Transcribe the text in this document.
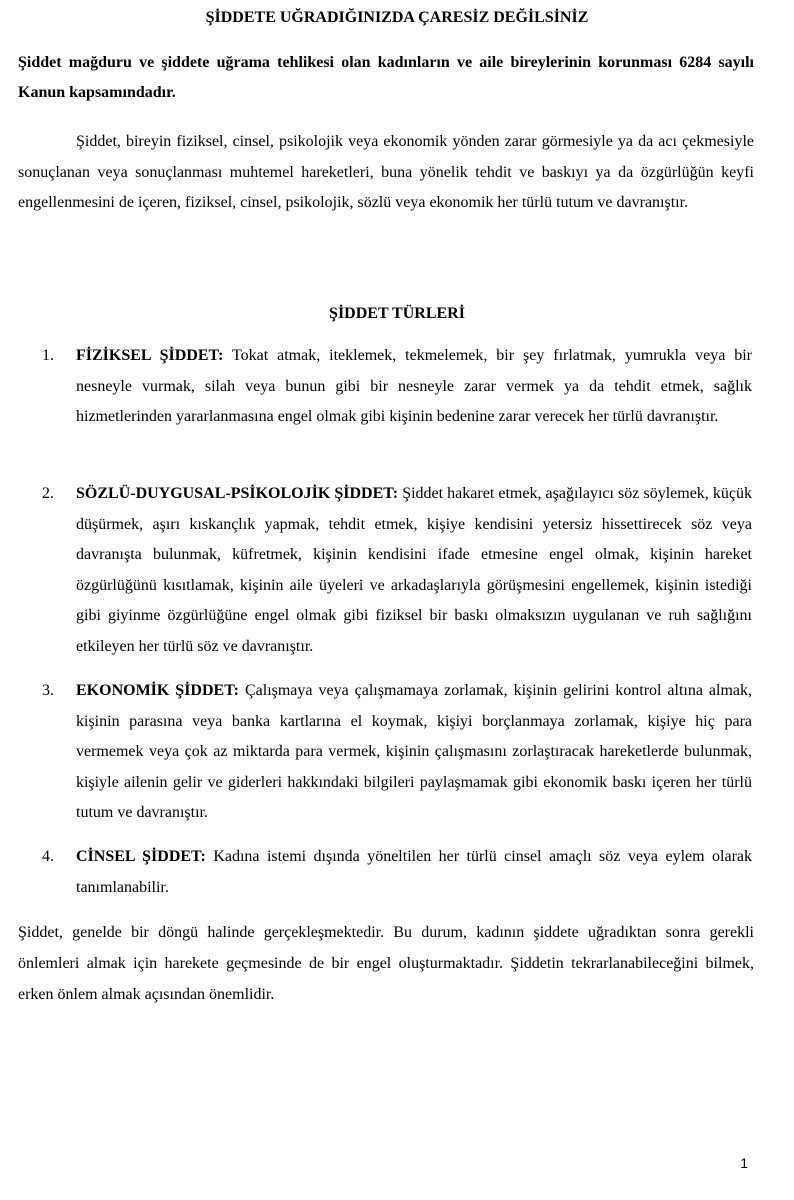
ŞİDDETE UĞRADIĞINIZDA ÇARESİZ DEĞİLSİNİZ
Şiddet mağduru ve şiddete uğrama tehlikesi olan kadınların ve aile bireylerinin korunması 6284 sayılı Kanun kapsamındadır.
Şiddet, bireyin fiziksel, cinsel, psikolojik veya ekonomik yönden zarar görmesiyle ya da acı çekmesiyle sonuçlanan veya sonuçlanması muhtemel hareketleri, buna yönelik tehdit ve baskıyı ya da özgürlüğün keyfi engellenmesini de içeren, fiziksel, cinsel, psikolojik, sözlü veya ekonomik her türlü tutum ve davranıştır.
ŞİDDET TÜRLERİ
1.	FİZİKSEL ŞİDDET: Tokat atmak, iteklemek, tekmelemek, bir şey fırlatmak, yumrukla veya bir nesneyle vurmak, silah veya bunun gibi bir nesneyle zarar vermek ya da tehdit etmek, sağlık hizmetlerinden yararlanmasına engel olmak gibi kişinin bedenine zarar verecek her türlü davranıştır.
2.	SÖZLÜ-DUYGUSAL-PSİKOLOJİK ŞİDDET: Şiddet hakaret etmek, aşağılayıcı söz söylemek, küçük düşürmek, aşırı kıskançlık yapmak, tehdit etmek, kişiye kendisini yetersiz hissettirecek söz veya davranışta bulunmak, küfretmek, kişinin kendisini ifade etmesine engel olmak, kişinin hareket özgürlüğünü kısıtlamak, kişinin aile üyeleri ve arkadaşlarıyla görüşmesini engellemek, kişinin istediği gibi giyinme özgürlüğüne engel olmak gibi fiziksel bir baskı olmaksızın uygulanan ve ruh sağlığını etkileyen her türlü söz ve davranıştır.
3.	EKONOMİK ŞİDDET: Çalışmaya veya çalışmamaya zorlamak, kişinin gelirini kontrol altına almak, kişinin parasına veya banka kartlarına el koymak, kişiyi borçlanmaya zorlamak, kişiye hiç para vermemek veya çok az miktarda para vermek, kişinin çalışmasını zorlaştıracak hareketlerde bulunmak, kişiyle ailenin gelir ve giderleri hakkındaki bilgileri paylaşmamak gibi ekonomik baskı içeren her türlü tutum ve davranıştır.
4.	CİNSEL ŞİDDET: Kadına istemi dışında yöneltilen her türlü cinsel amaçlı söz veya eylem olarak tanımlanabilir.
Şiddet, genelde bir döngü halinde gerçekleşmektedir. Bu durum, kadının şiddete uğradıktan sonra gerekli önlemleri almak için harekete geçmesinde de bir engel oluşturmaktadır. Şiddetin tekrarlanabileceğini bilmek, erken önlem almak açısından önemlidir.
1
